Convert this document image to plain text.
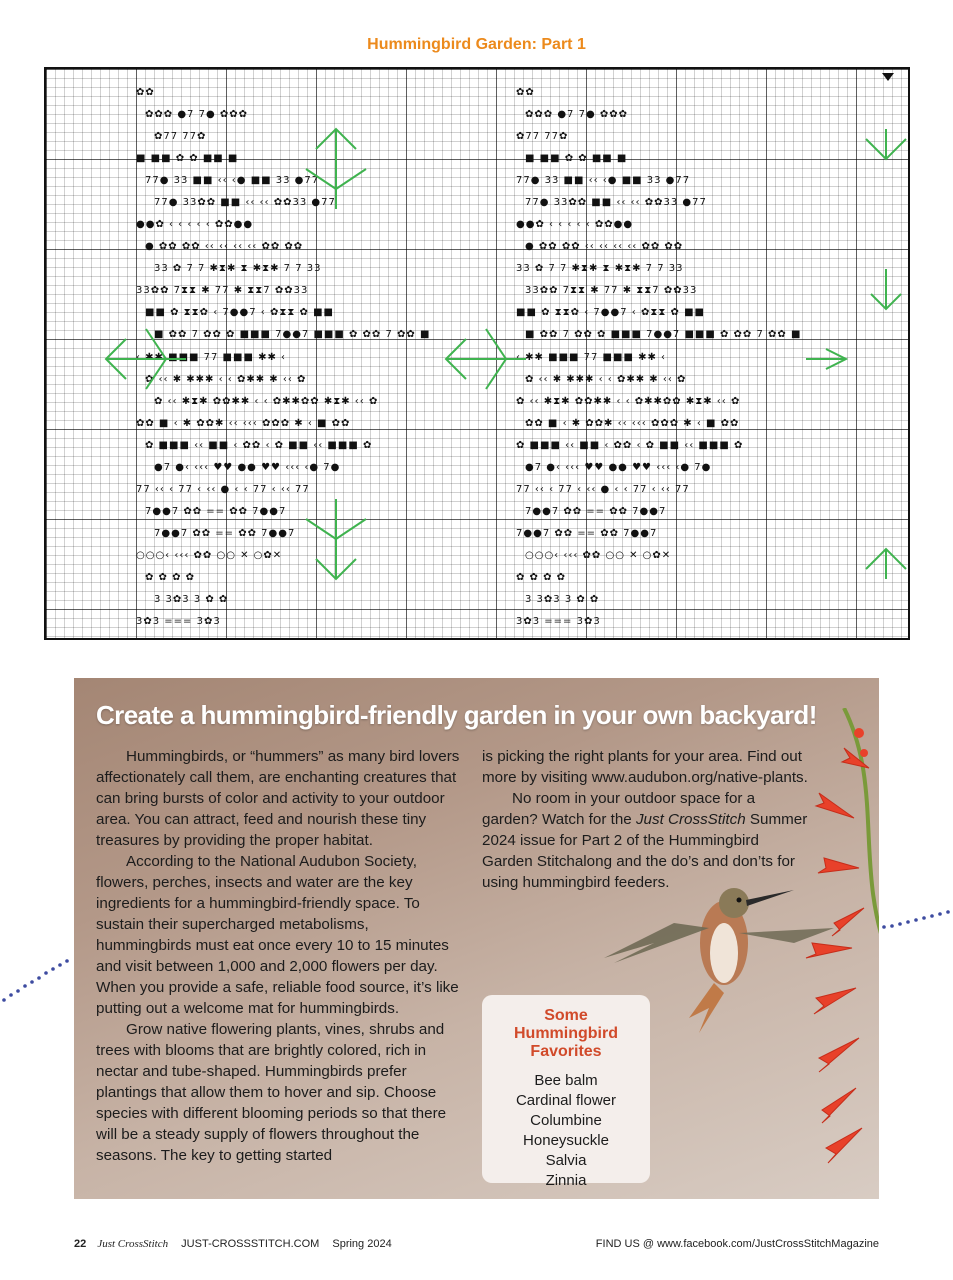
Hummingbird Garden: Part 1
✿✿	✿✿
✿✿✿ ●7 7● ✿✿✿	✿✿✿ ●7 7● ✿✿✿
✿77 77✿	✿77 77✿
■ ■■ ✿ ✿ ■■ ■	■ ■■ ✿ ✿ ■■ ■
77● 33 ■■ ‹‹ ‹● ■■ 33 ●77	77● 33 ■■ ‹‹ ‹● ■■ 33 ●77
77● 33✿✿ ■■ ‹‹ ‹‹ ✿✿33 ●77	77● 33✿✿ ■■ ‹‹ ‹‹ ✿✿33 ●77
●●✿ ‹ ‹ ‹ ‹ ‹ ✿✿●●	●●✿ ‹ ‹ ‹ ‹ ‹ ✿✿●●
● ✿✿ ✿✿ ‹‹ ‹‹ ‹‹ ‹‹ ✿✿ ✿✿	● ✿✿ ✿✿ ‹‹ ‹‹ ‹‹ ‹‹ ✿✿ ✿✿
33 ✿ 7 7 ✱⧗✱ ⧗ ✱⧗✱ 7 7 33	33 ✿ 7 7 ✱⧗✱ ⧗ ✱⧗✱ 7 7 33
33✿✿ 7⧗⧗ ✱ 77 ✱ ⧗⧗7 ✿✿33	33✿✿ 7⧗⧗ ✱ 77 ✱ ⧗⧗7 ✿✿33
■■ ✿ ⧗⧗✿ ‹ 7●●7 ‹ ✿⧗⧗ ✿ ■■	■■ ✿ ⧗⧗✿ ‹ 7●●7 ‹ ✿⧗⧗ ✿ ■■
■ ✿✿ 7 ✿✿ ✿ ■■■ 7●●7 ■■■ ✿ ✿✿ 7 ✿✿ ■	■ ✿✿ 7 ✿✿ ✿ ■■■ 7●●7 ■■■ ✿ ✿✿ 7 ✿✿ ■
‹ ✱✱ ■■■ 77 ■■■ ✱✱ ‹	‹ ✱✱ ■■■ 77 ■■■ ✱✱ ‹
✿ ‹‹ ✱ ✱✱✱ ‹ ‹ ✿✱✱ ✱ ‹‹ ✿	✿ ‹‹ ✱ ✱✱✱ ‹ ‹ ✿✱✱ ✱ ‹‹ ✿
✿ ‹‹ ✱⧗✱ ✿✿✱✱ ‹ ‹ ✿✱✱✿✿ ✱⧗✱ ‹‹ ✿	✿ ‹‹ ✱⧗✱ ✿✿✱✱ ‹ ‹ ✿✱✱✿✿ ✱⧗✱ ‹‹ ✿
✿✿ ■ ‹ ✱ ✿✿✱ ‹‹ ‹‹‹ ✿✿✿ ✱ ‹ ■ ✿✿	✿✿ ■ ‹ ✱ ✿✿✱ ‹‹ ‹‹‹ ✿✿✿ ✱ ‹ ■ ✿✿
✿ ■■■ ‹‹ ■■ ‹ ✿✿ ‹ ✿ ■■ ‹‹ ■■■ ✿	✿ ■■■ ‹‹ ■■ ‹ ✿✿ ‹ ✿ ■■ ‹‹ ■■■ ✿
●7 ●‹ ‹‹‹ ♥♥ ●● ♥♥ ‹‹‹ ‹● 7●	●7 ●‹ ‹‹‹ ♥♥ ●● ♥♥ ‹‹‹ ‹● 7●
77 ‹‹ ‹ 77 ‹ ‹‹ ● ‹ ‹ 77 ‹ ‹‹ 77	77 ‹‹ ‹ 77 ‹ ‹‹ ● ‹ ‹ 77 ‹ ‹‹ 77
7●●7 ✿✿ == ✿✿ 7●●7	7●●7 ✿✿ == ✿✿ 7●●7
7●●7 ✿✿ == ✿✿ 7●●7	7●●7 ✿✿ == ✿✿ 7●●7
○○○‹ ‹‹‹ ✿✿ ○○ ✕ ○✿✕	○○○‹ ‹‹‹ ✿✿ ○○ ✕ ○✿✕
✿ ✿ ✿ ✿	✿ ✿ ✿ ✿
3 3✿3 3 ✿ ✿	3 3✿3 3 ✿ ✿
3✿3 === 3✿3	3✿3 === 3✿3
Create a hummingbird-friendly garden in your own backyard!

Hummingbirds, or “hummers” as many bird lovers affectionately call them, are enchanting creatures that can bring bursts of color and activity to your outdoor area. You can attract, feed and nourish these tiny treasures by providing the proper habitat.

According to the National Audubon Society, flowers, perches, insects and water are the key ingredients for a hummingbird-friendly space. To sustain their supercharged metabolisms, hummingbirds must eat once every 10 to 15 minutes and visit between 1,000 and 2,000 flowers per day. When you provide a safe, reliable food source, it’s like putting out a welcome mat for hummingbirds.

Grow native flowering plants, vines, shrubs and trees with blooms that are brightly colored, rich in nectar and tube-shaped. Hummingbirds prefer plantings that allow them to hover and sip. Choose species with different blooming periods so that there will be a steady supply of flowers throughout the seasons. The key to getting started

is picking the right plants for your area. Find out more by visiting www.audubon.org/native-plants.

No room in your outdoor space for a garden? Watch for the Just CrossStitch Summer 2024 issue for Part 2 of the Hummingbird Garden Stitchalong and the do’s and don’ts for using hummingbird feeders.

Some Hummingbird Favorites
Bee balm
Cardinal flower
Columbine
Honeysuckle
Salvia
Zinnia
22 Just CrossStitch JUST-CROSSSTITCH.COM Spring 2024	FIND US @ www.facebook.com/JustCrossStitchMagazine
